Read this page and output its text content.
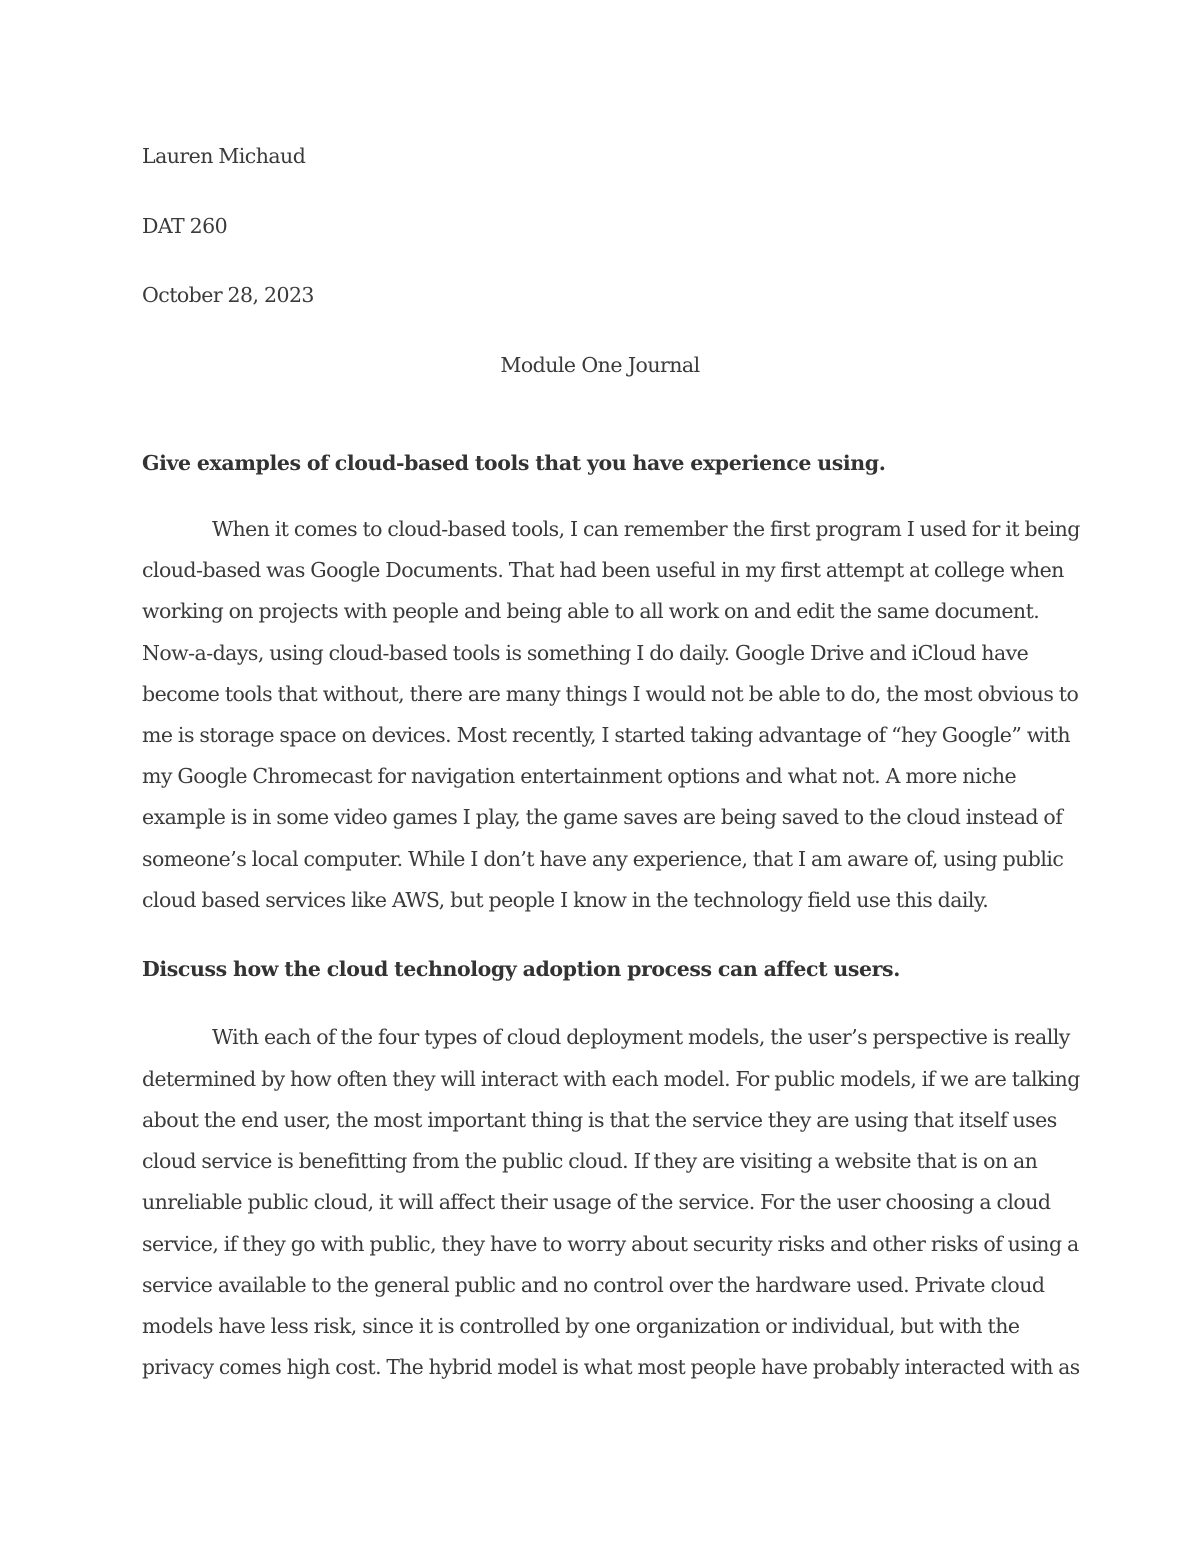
Lauren Michaud
DAT 260
October 28, 2023
Module One Journal
Give examples of cloud-based tools that you have experience using.
When it comes to cloud-based tools, I can remember the first program I used for it being
cloud-based was Google Documents. That had been useful in my first attempt at college when
working on projects with people and being able to all work on and edit the same document.
Now-a-days, using cloud-based tools is something I do daily. Google Drive and iCloud have
become tools that without, there are many things I would not be able to do, the most obvious to
me is storage space on devices. Most recently, I started taking advantage of “hey Google” with
my Google Chromecast for navigation entertainment options and what not. A more niche
example is in some video games I play, the game saves are being saved to the cloud instead of
someone’s local computer. While I don’t have any experience, that I am aware of, using public
cloud based services like AWS, but people I know in the technology field use this daily.
Discuss how the cloud technology adoption process can affect users.
With each of the four types of cloud deployment models, the user’s perspective is really
determined by how often they will interact with each model. For public models, if we are talking
about the end user, the most important thing is that the service they are using that itself uses
cloud service is benefitting from the public cloud. If they are visiting a website that is on an
unreliable public cloud, it will affect their usage of the service. For the user choosing a cloud
service, if they go with public, they have to worry about security risks and other risks of using a
service available to the general public and no control over the hardware used. Private cloud
models have less risk, since it is controlled by one organization or individual, but with the
privacy comes high cost. The hybrid model is what most people have probably interacted with as
